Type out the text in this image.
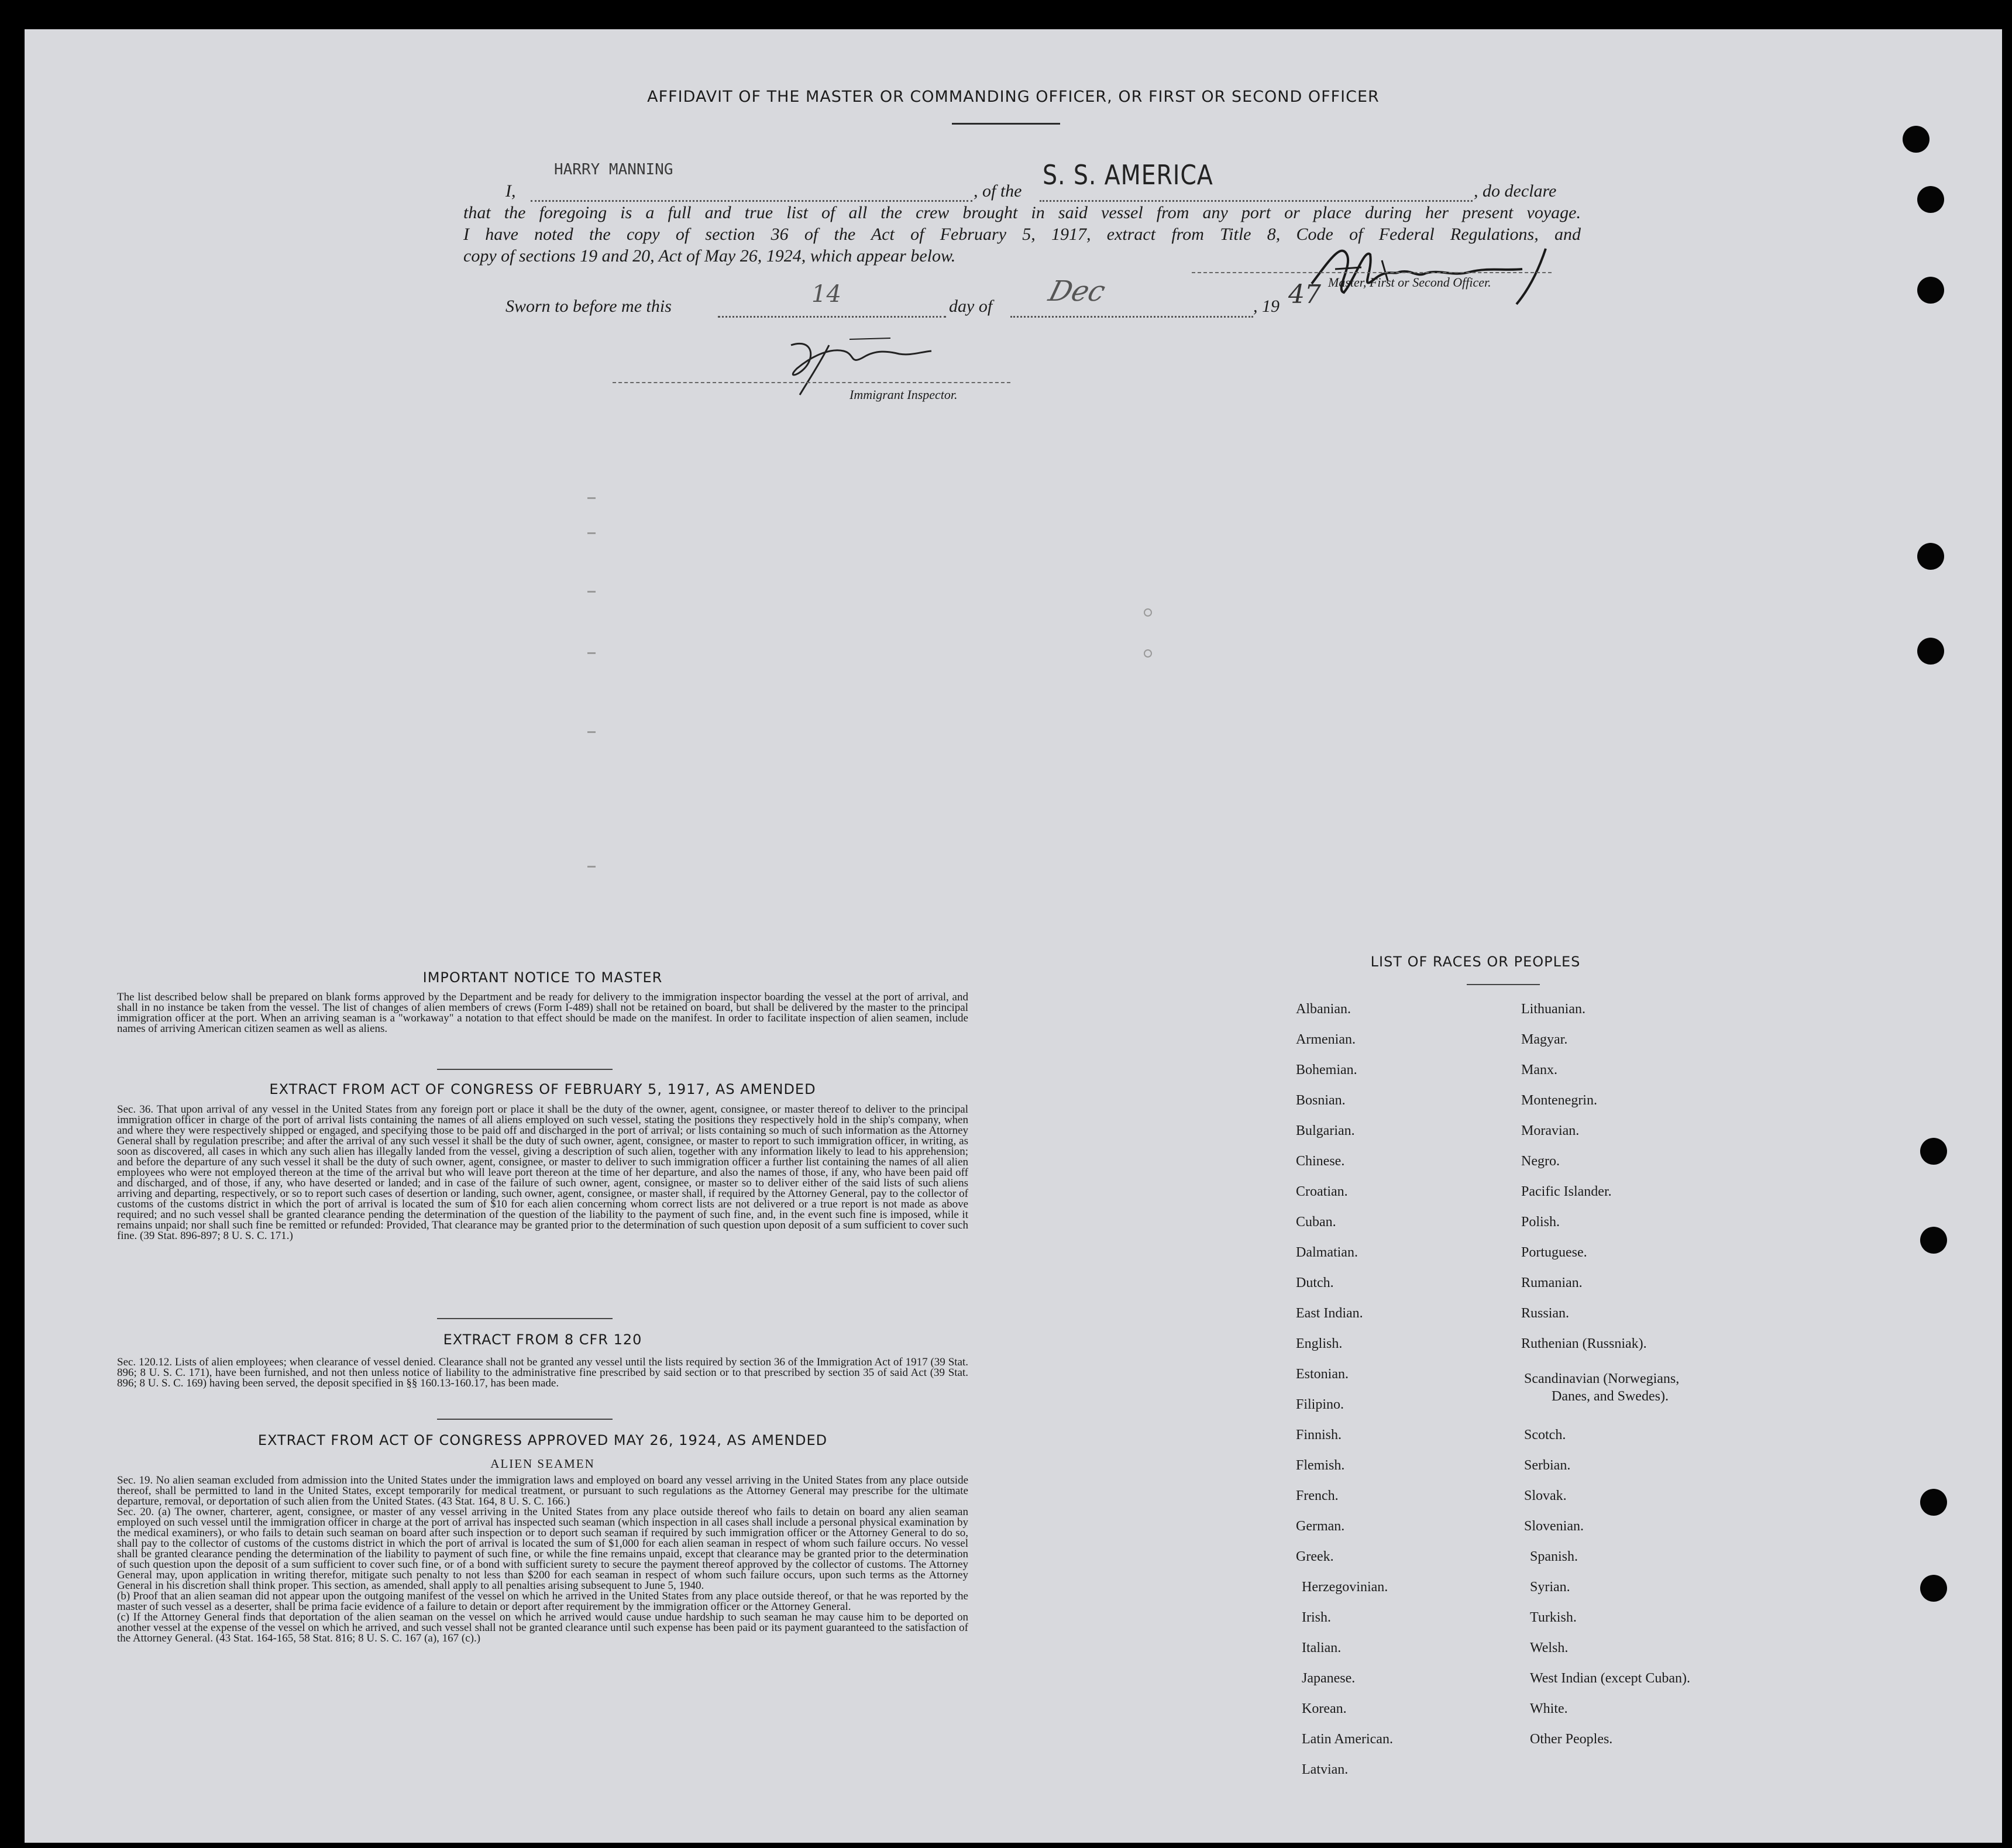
AFFIDAVIT OF THE MASTER OR COMMANDING OFFICER, OR FIRST OR SECOND OFFICER
I,
HARRY MANNING
, of the
S. S. AMERICA
, do declare
that the foregoing is a full and true list of all the crew brought in said vessel from any port or place during her present voyage.
I have noted the copy of section 36 of the Act of February 5, 1917, extract from Title 8, Code of Federal Regulations, and
copy of sections 19 and 20, Act of May 26, 1924, which appear below.
Master, First or Second Officer.
Sworn to before me this	14	day of Dec	, 19 47
Immigrant Inspector.
IMPORTANT NOTICE TO MASTER

The list described below shall be prepared on blank forms approved by the Department and be ready for delivery to the immigration inspector boarding the vessel at the port of arrival, and shall in no instance be taken from the vessel. The list of changes of alien members of crews (Form I-489) shall not be retained on board, but shall be delivered by the master to the principal immigration officer at the port. When an arriving seaman is a "workaway" a notation to that effect should be made on the manifest. In order to facilitate inspection of alien seamen, include names of arriving American citizen seamen as well as aliens.

EXTRACT FROM ACT OF CONGRESS OF FEBRUARY 5, 1917, AS AMENDED

Sec. 36. That upon arrival of any vessel in the United States from any foreign port or place it shall be the duty of the owner, agent, consignee, or master thereof to deliver to the principal immigration officer in charge of the port of arrival lists containing the names of all aliens employed on such vessel, stating the positions they respectively hold in the ship's company, when and where they were respectively shipped or engaged, and specifying those to be paid off and discharged in the port of arrival; or lists containing so much of such information as the Attorney General shall by regulation prescribe; and after the arrival of any such vessel it shall be the duty of such owner, agent, consignee, or master to report to such immigration officer, in writing, as soon as discovered, all cases in which any such alien has illegally landed from the vessel, giving a description of such alien, together with any information likely to lead to his apprehension; and before the departure of any such vessel it shall be the duty of such owner, agent, consignee, or master to deliver to such immigration officer a further list containing the names of all alien employees who were not employed thereon at the time of the arrival but who will leave port thereon at the time of her departure, and also the names of those, if any, who have been paid off and discharged, and of those, if any, who have deserted or landed; and in case of the failure of such owner, agent, consignee, or master so to deliver either of the said lists of such aliens arriving and departing, respectively, or so to report such cases of desertion or landing, such owner, agent, consignee, or master shall, if required by the Attorney General, pay to the collector of customs of the customs district in which the port of arrival is located the sum of $10 for each alien concerning whom correct lists are not delivered or a true report is not made as above required; and no such vessel shall be granted clearance pending the determination of the question of the liability to the payment of such fine, and, in the event such fine is imposed, while it remains unpaid; nor shall such fine be remitted or refunded: Provided, That clearance may be granted prior to the determination of such question upon deposit of a sum sufficient to cover such fine. (39 Stat. 896-897; 8 U. S. C. 171.)

EXTRACT FROM 8 CFR 120

Sec. 120.12. Lists of alien employees; when clearance of vessel denied. Clearance shall not be granted any vessel until the lists required by section 36 of the Immigration Act of 1917 (39 Stat. 896; 8 U. S. C. 171), have been furnished, and not then unless notice of liability to the administrative fine prescribed by said section or to that prescribed by section 35 of said Act (39 Stat. 896; 8 U. S. C. 169) having been served, the deposit specified in §§ 160.13-160.17, has been made.

EXTRACT FROM ACT OF CONGRESS APPROVED MAY 26, 1924, AS AMENDED
ALIEN SEAMEN

Sec. 19. No alien seaman excluded from admission into the United States under the immigration laws and employed on board any vessel arriving in the United States from any place outside thereof, shall be permitted to land in the United States, except temporarily for medical treatment, or pursuant to such regulations as the Attorney General may prescribe for the ultimate departure, removal, or deportation of such alien from the United States. (43 Stat. 164, 8 U. S. C. 166.)

Sec. 20. (a) The owner, charterer, agent, consignee, or master of any vessel arriving in the United States from any place outside thereof who fails to detain on board any alien seaman employed on such vessel until the immigration officer in charge at the port of arrival has inspected such seaman (which inspection in all cases shall include a personal physical examination by the medical examiners), or who fails to detain such seaman on board after such inspection or to deport such seaman if required by such immigration officer or the Attorney General to do so, shall pay to the collector of customs of the customs district in which the port of arrival is located the sum of $1,000 for each alien seaman in respect of whom such failure occurs. No vessel shall be granted clearance pending the determination of the liability to payment of such fine, or while the fine remains unpaid, except that clearance may be granted prior to the determination of such question upon the deposit of a sum sufficient to cover such fine, or of a bond with sufficient surety to secure the payment thereof approved by the collector of customs. The Attorney General may, upon application in writing therefor, mitigate such penalty to not less than $200 for each seaman in respect of whom such failure occurs, upon such terms as the Attorney General in his discretion shall think proper. This section, as amended, shall apply to all penalties arising subsequent to June 5, 1940.

(b) Proof that an alien seaman did not appear upon the outgoing manifest of the vessel on which he arrived in the United States from any place outside thereof, or that he was reported by the master of such vessel as a deserter, shall be prima facie evidence of a failure to detain or deport after requirement by the immigration officer or the Attorney General.

(c) If the Attorney General finds that deportation of the alien seaman on the vessel on which he arrived would cause undue hardship to such seaman he may cause him to be deported on another vessel at the expense of the vessel on which he arrived, and such vessel shall not be granted clearance until such expense has been paid or its payment guaranteed to the satisfaction of the Attorney General. (43 Stat. 164-165, 58 Stat. 816; 8 U. S. C. 167 (a), 167 (c).)

LIST OF RACES OR PEOPLES
Albanian.
Armenian.
Bohemian.
Bosnian.
Bulgarian.
Chinese.
Croatian.
Cuban.
Dalmatian.
Dutch.
East Indian.
English.
Estonian.
Filipino.
Finnish.
Flemish.
French.
German.
Greek.
Herzegovinian.
Irish.
Italian.
Japanese.
Korean.
Latin American.
Latvian.
Lithuanian.
Magyar.
Manx.
Montenegrin.
Moravian.
Negro.
Pacific Islander.
Polish.
Portuguese.
Rumanian.
Russian.
Ruthenian (Russniak).
Scandinavian (Norwegians,
Danes, and Swedes).
Scotch.
Serbian.
Slovak.
Slovenian.
Spanish.
Syrian.
Turkish.
Welsh.
West Indian (except Cuban).
White.
Other Peoples.
